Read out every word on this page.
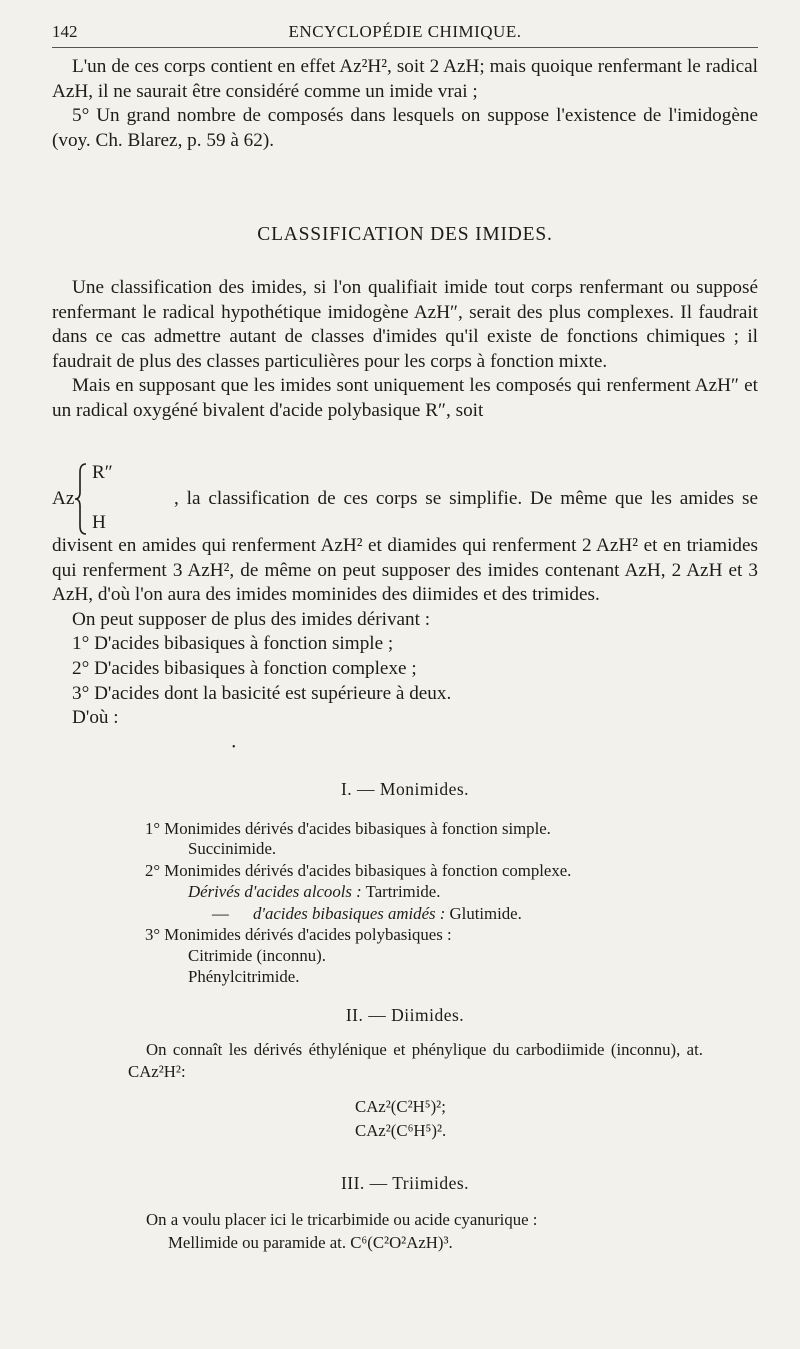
142	ENCYCLOPÉDIE CHIMIQUE.

L'un de ces corps contient en effet Az²H², soit 2 AzH; mais quoique renfermant le radical AzH, il ne saurait être considéré comme un imide vrai ;

5° Un grand nombre de composés dans lesquels on suppose l'existence de l'imidogène (voy. Ch. Blarez, p. 59 à 62).

CLASSIFICATION DES IMIDES.

Une classification des imides, si l'on qualifiait imide tout corps renfermant ou supposé renfermant le radical hypothétique imidogène AzH″, serait des plus complexes. Il faudrait dans ce cas admettre autant de classes d'imides qu'il existe de fonctions chimiques ; il faudrait de plus des classes particulières pour les corps à fonction mixte.

Mais en supposant que les imides sont uniquement les composés qui renferment AzH″ et un radical oxygéné bivalent d'acide polybasique R″, soit

Az
R″
H
, la classification de ces corps se simplifie. De même que les amides se

divisent en amides qui renferment AzH² et diamides qui renferment 2 AzH² et en triamides qui renferment 3 AzH², de même on peut supposer des imides contenant AzH, 2 AzH et 3 AzH, d'où l'on aura des imides mominides des diimides et des trimides.

On peut supposer de plus des imides dérivant :

1° D'acides bibasiques à fonction simple ;

2° D'acides bibasiques à fonction complexe ;

3° D'acides dont la basicité est supérieure à deux.

D'où :

•
I. — Monimides.
1° Monimides dérivés d'acides bibasiques à fonction simple.
Succinimide.
2° Monimides dérivés d'acides bibasiques à fonction complexe.
Dérivés d'acides alcools : Tartrimide.
— d'acides bibasiques amidés : Glutimide.
3° Monimides dérivés d'acides polybasiques :
Citrimide (inconnu).
Phénylcitrimide.
II. — Diimides.
On connaît les dérivés éthylénique et phénylique du carbodiimide (inconnu), at. CAz²H²:
CAz²(C²H⁵)²;
CAz²(C⁶H⁵)².
III. — Triimides.
On a voulu placer ici le tricarbimide ou acide cyanurique :
Mellimide ou paramide at. C⁶(C²O²AzH)³.
